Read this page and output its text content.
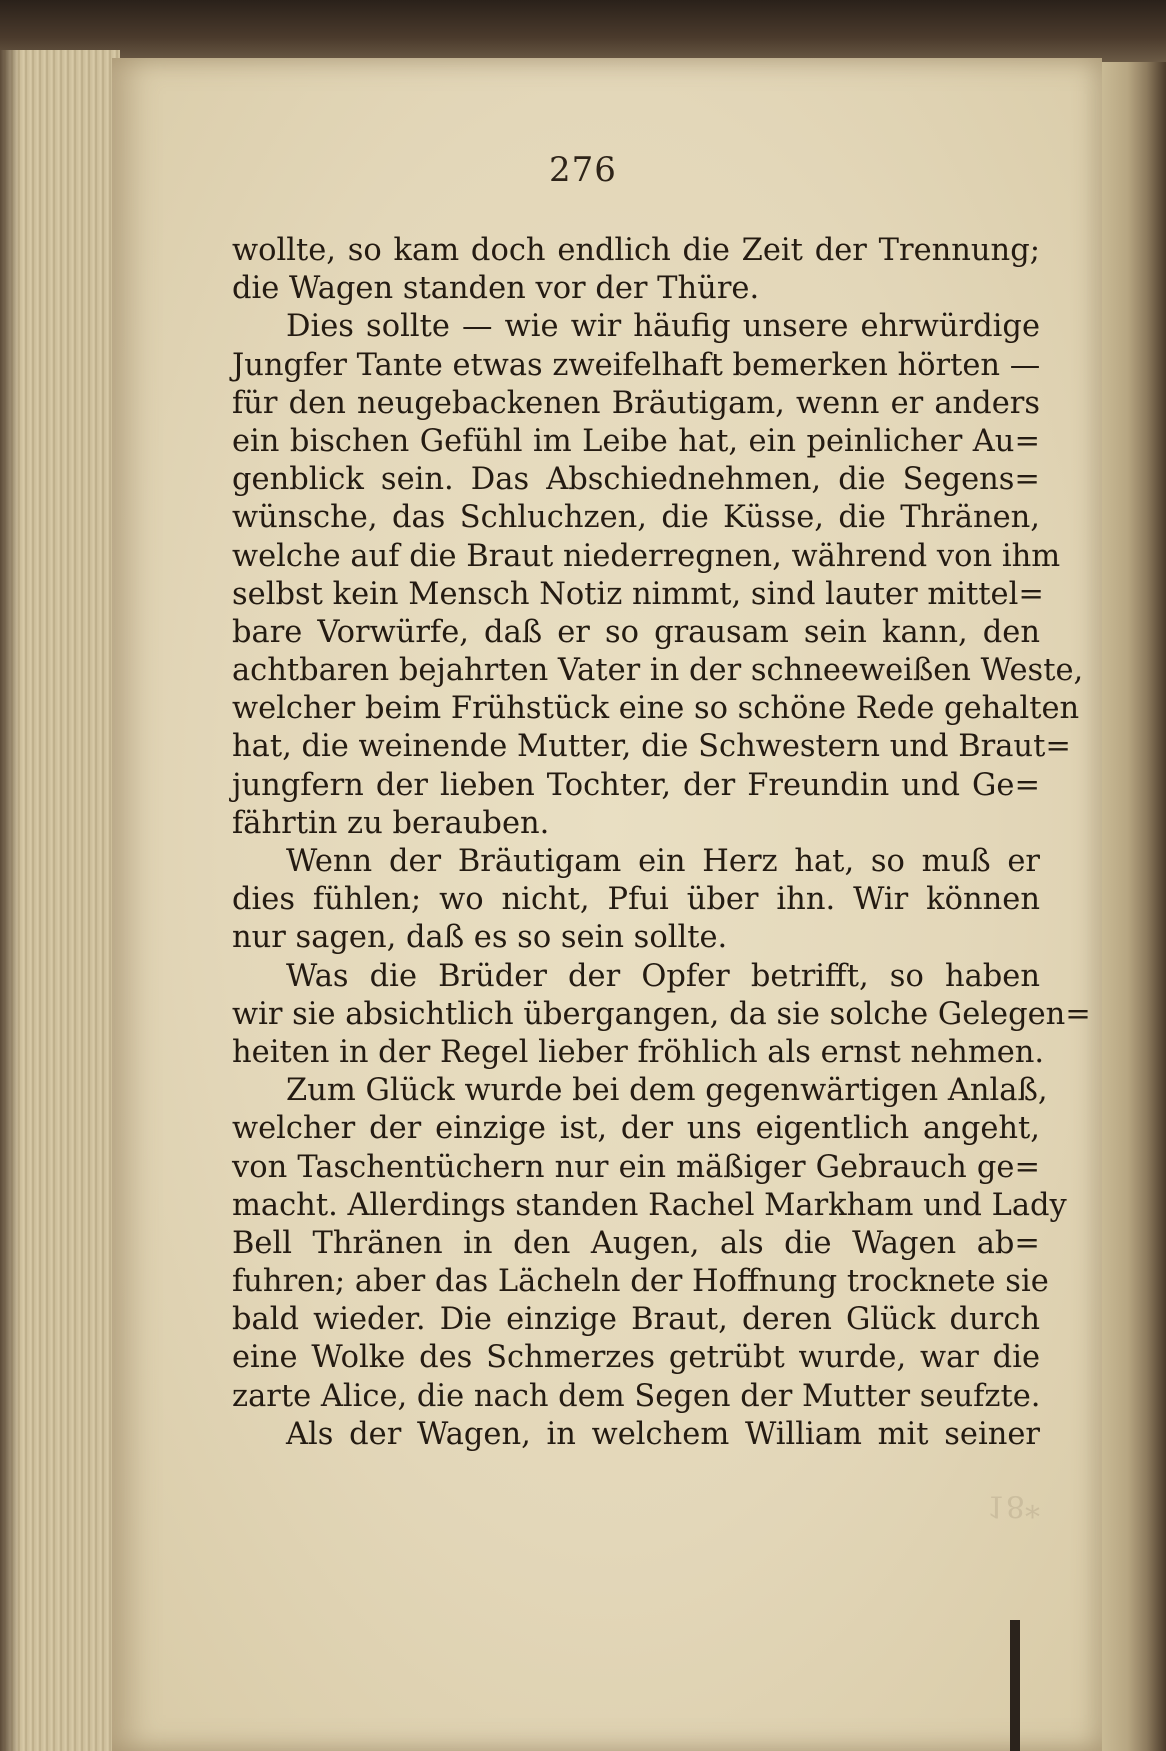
276
wollte, so kam doch endlich die Zeit der Trennung;
die Wagen standen vor der Thüre.
Dies sollte — wie wir häufig unsere ehrwürdige
Jungfer Tante etwas zweifelhaft bemerken hörten —
für den neugebackenen Bräutigam, wenn er anders
ein bischen Gefühl im Leibe hat, ein peinlicher Au=
genblick sein. Das Abschiednehmen, die Segens=
wünsche, das Schluchzen, die Küsse, die Thränen,
welche auf die Braut niederregnen, während von ihm
selbst kein Mensch Notiz nimmt, sind lauter mittel=
bare Vorwürfe, daß er so grausam sein kann, den
achtbaren bejahrten Vater in der schneeweißen Weste,
welcher beim Frühstück eine so schöne Rede gehalten
hat, die weinende Mutter, die Schwestern und Braut=
jungfern der lieben Tochter, der Freundin und Ge=
fährtin zu berauben.
Wenn der Bräutigam ein Herz hat, so muß er
dies fühlen; wo nicht, Pfui über ihn. Wir können
nur sagen, daß es so sein sollte.
Was die Brüder der Opfer betrifft, so haben
wir sie absichtlich übergangen, da sie solche Gelegen=
heiten in der Regel lieber fröhlich als ernst nehmen.
Zum Glück wurde bei dem gegenwärtigen Anlaß,
welcher der einzige ist, der uns eigentlich angeht,
von Taschentüchern nur ein mäßiger Gebrauch ge=
macht. Allerdings standen Rachel Markham und Lady
Bell Thränen in den Augen, als die Wagen ab=
fuhren; aber das Lächeln der Hoffnung trocknete sie
bald wieder. Die einzige Braut, deren Glück durch
eine Wolke des Schmerzes getrübt wurde, war die
zarte Alice, die nach dem Segen der Mutter seufzte.
Als der Wagen, in welchem William mit seiner
18*
